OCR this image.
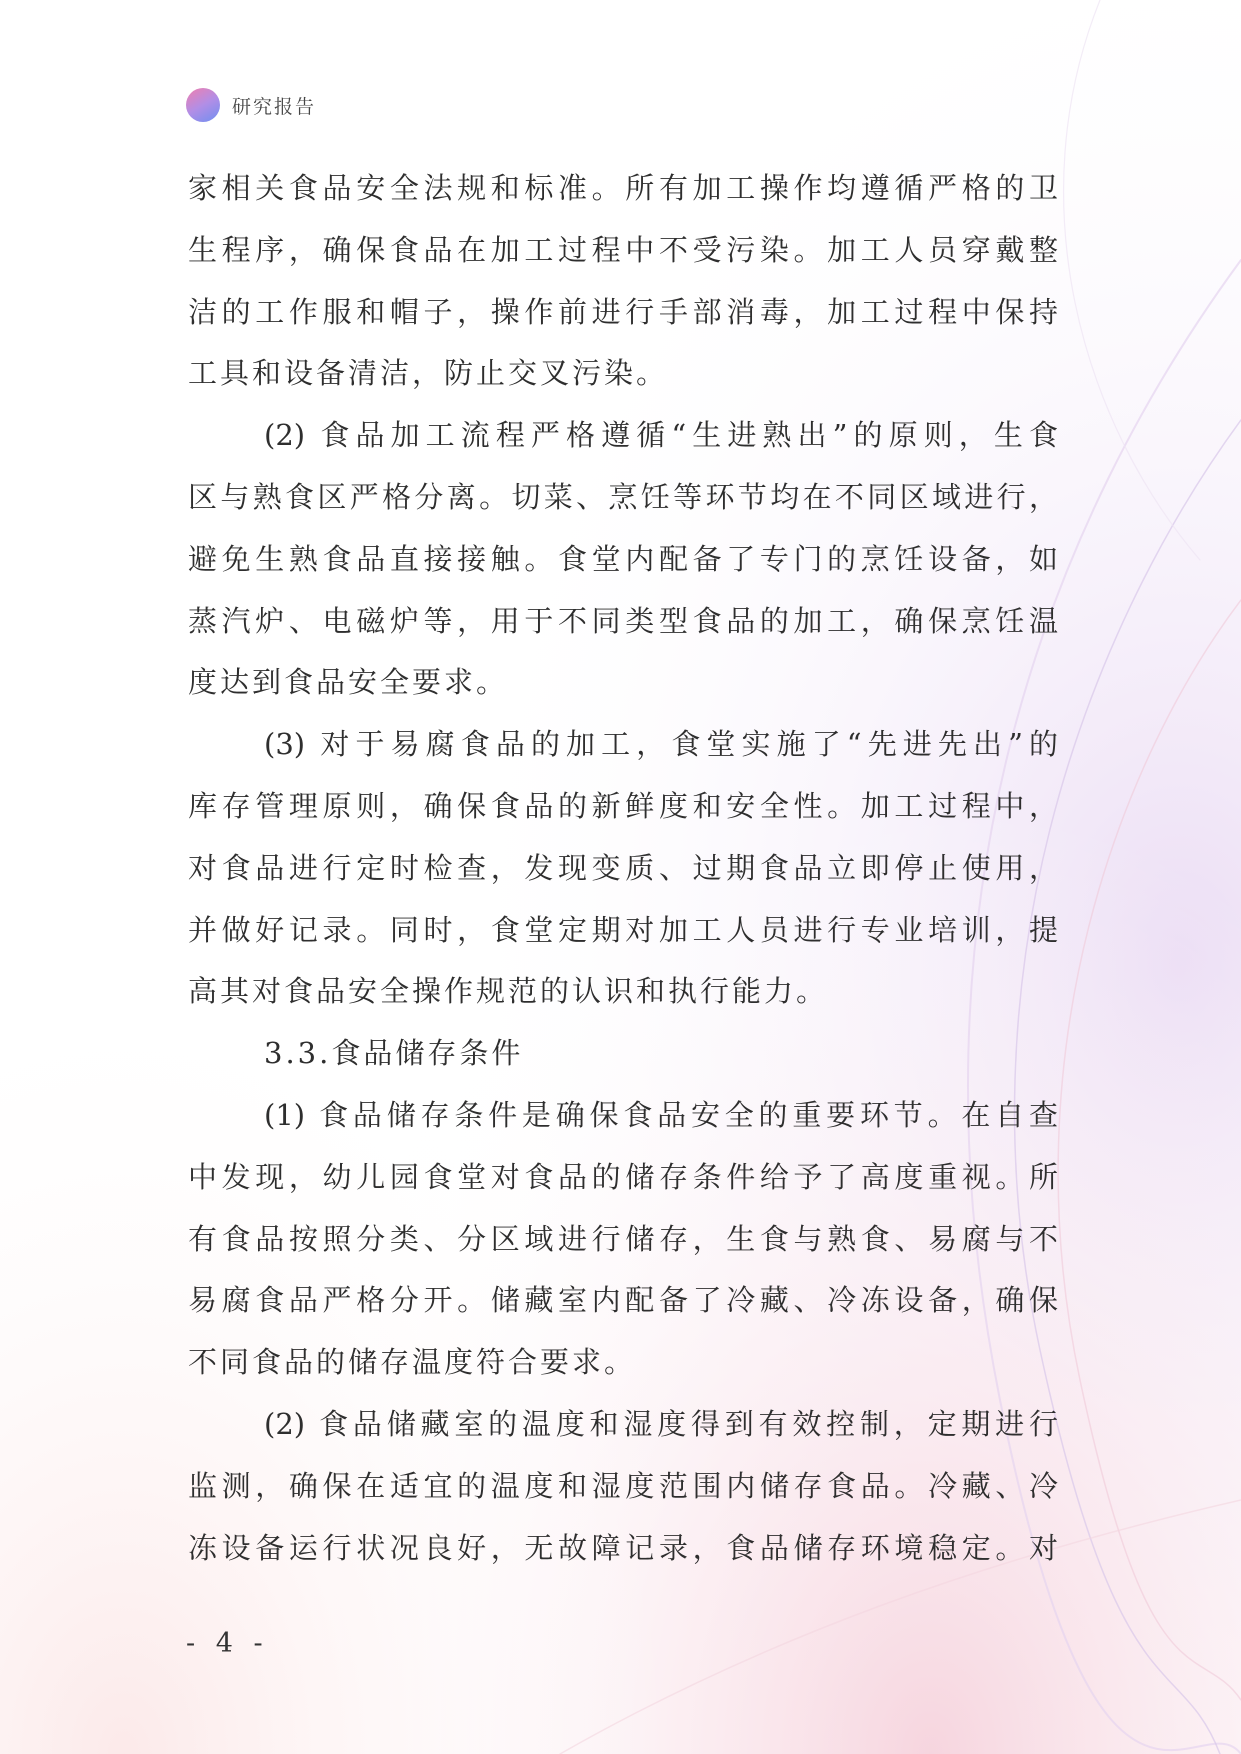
研究报告
家相关食品安全法规和标准。所有加工操作均遵循严格的卫
生程序，确保食品在加工过程中不受污染。加工人员穿戴整
洁的工作服和帽子，操作前进行手部消毒，加工过程中保持
工具和设备清洁，防止交叉污染。
(2) 食品加工流程严格遵循“生进熟出”的原则，生食
区与熟食区严格分离。切菜、烹饪等环节均在不同区域进行，
避免生熟食品直接接触。食堂内配备了专门的烹饪设备，如
蒸汽炉、电磁炉等，用于不同类型食品的加工，确保烹饪温
度达到食品安全要求。
(3) 对于易腐食品的加工，食堂实施了“先进先出”的
库存管理原则，确保食品的新鲜度和安全性。加工过程中，
对食品进行定时检查，发现变质、过期食品立即停止使用，
并做好记录。同时，食堂定期对加工人员进行专业培训，提
高其对食品安全操作规范的认识和执行能力。
3.3.食品储存条件
(1) 食品储存条件是确保食品安全的重要环节。在自查
中发现，幼儿园食堂对食品的储存条件给予了高度重视。所
有食品按照分类、分区域进行储存，生食与熟食、易腐与不
易腐食品严格分开。储藏室内配备了冷藏、冷冻设备，确保
不同食品的储存温度符合要求。
(2) 食品储藏室的温度和湿度得到有效控制，定期进行
监测，确保在适宜的温度和湿度范围内储存食品。冷藏、冷
冻设备运行状况良好，无故障记录，食品储存环境稳定。对
- 4 -
